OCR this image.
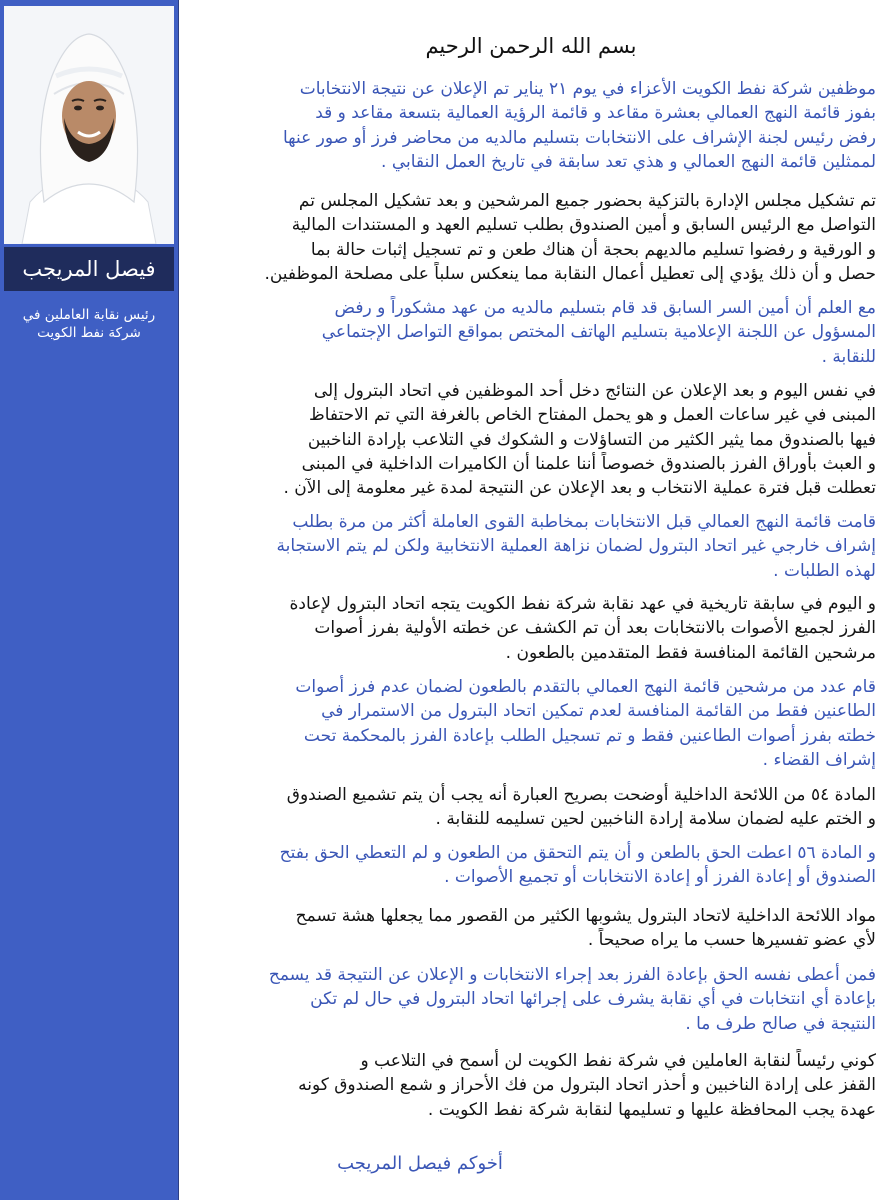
فيصل المريجب
رئيس نقابة العاملين في
شركة نفط الكويت
بسم الله الرحمن الرحيم
موظفين شركة نفط الكويت الأعزاء في يوم ٢١ يناير تم الإعلان عن نتيجة الانتخابات
بفوز قائمة النهج العمالي بعشرة مقاعد و قائمة الرؤية العمالية بتسعة مقاعد و قد
رفض رئيس لجنة الإشراف على الانتخابات بتسليم مالديه من محاضر فرز أو صور عنها
لممثلين قائمة النهج العمالي و هذي تعد سابقة في تاريخ العمل النقابي .
تم تشكيل مجلس الإدارة بالتزكية بحضور جميع المرشحين و بعد تشكيل المجلس تم
التواصل مع الرئيس السابق و أمين الصندوق بطلب تسليم العهد و المستندات المالية
و الورقية و رفضوا تسليم مالديهم بحجة أن هناك طعن و تم تسجيل إثبات حالة بما
حصل و أن ذلك يؤدي إلى تعطيل أعمال النقابة مما ينعكس سلباً على مصلحة الموظفين.
مع العلم أن أمين السر السابق قد قام بتسليم مالديه من عهد مشكوراً و رفض
المسؤول عن اللجنة الإعلامية بتسليم الهاتف المختص بمواقع التواصل الإجتماعي
للنقابة .
في نفس اليوم و بعد الإعلان عن النتائج دخل أحد الموظفين في اتحاد البترول إلى
المبنى في غير ساعات العمل و هو يحمل المفتاح الخاص بالغرفة التي تم الاحتفاظ
فيها بالصندوق مما يثير الكثير من التساؤلات و الشكوك في التلاعب بإرادة الناخبين
و العبث بأوراق الفرز بالصندوق خصوصاً أننا علمنا أن الكاميرات الداخلية في المبنى
تعطلت قبل فترة عملية الانتخاب و بعد الإعلان عن النتيجة لمدة غير معلومة إلى الآن .
قامت قائمة النهج العمالي قبل الانتخابات بمخاطبة القوى العاملة أكثر من مرة بطلب
إشراف خارجي غير اتحاد البترول لضمان نزاهة العملية الانتخابية ولكن لم يتم الاستجابة
لهذه الطلبات .
و اليوم في سابقة تاريخية في عهد نقابة شركة نفط الكويت يتجه اتحاد البترول لإعادة
الفرز لجميع الأصوات بالانتخابات بعد أن تم الكشف عن خطته الأولية بفرز أصوات
مرشحين القائمة المنافسة فقط المتقدمين بالطعون .
قام عدد من مرشحين قائمة النهج العمالي بالتقدم بالطعون لضمان عدم فرز أصوات
الطاعنين فقط من القائمة المنافسة لعدم تمكين اتحاد البترول من الاستمرار في
خطته بفرز أصوات الطاعنين فقط و تم تسجيل الطلب بإعادة الفرز بالمحكمة تحت
إشراف القضاء .
المادة ٥٤ من اللائحة الداخلية أوضحت بصريح العبارة أنه يجب أن يتم تشميع الصندوق
و الختم عليه لضمان سلامة إرادة الناخبين لحين تسليمه للنقابة .
و المادة ٥٦ اعطت الحق بالطعن و أن يتم التحقق من الطعون و لم التعطي الحق بفتح
الصندوق أو إعادة الفرز أو إعادة الانتخابات أو تجميع الأصوات .
مواد اللائحة الداخلية لاتحاد البترول يشوبها الكثير من القصور مما يجعلها هشة تسمح
لأي عضو تفسيرها حسب ما يراه صحيحاً .
فمن أعطى نفسه الحق بإعادة الفرز بعد إجراء الانتخابات و الإعلان عن النتيجة قد يسمح
بإعادة أي انتخابات في أي نقابة يشرف على إجرائها اتحاد البترول في حال لم تكن
النتيجة في صالح طرف ما .
كوني رئيساً لنقابة العاملين في شركة نفط الكويت لن أسمح في التلاعب و
القفز على إرادة الناخبين و أحذر اتحاد البترول من فك الأحراز و شمع الصندوق كونه
عهدة يجب المحافظة عليها و تسليمها لنقابة شركة نفط الكويت .
أخوكم فيصل المريجب
